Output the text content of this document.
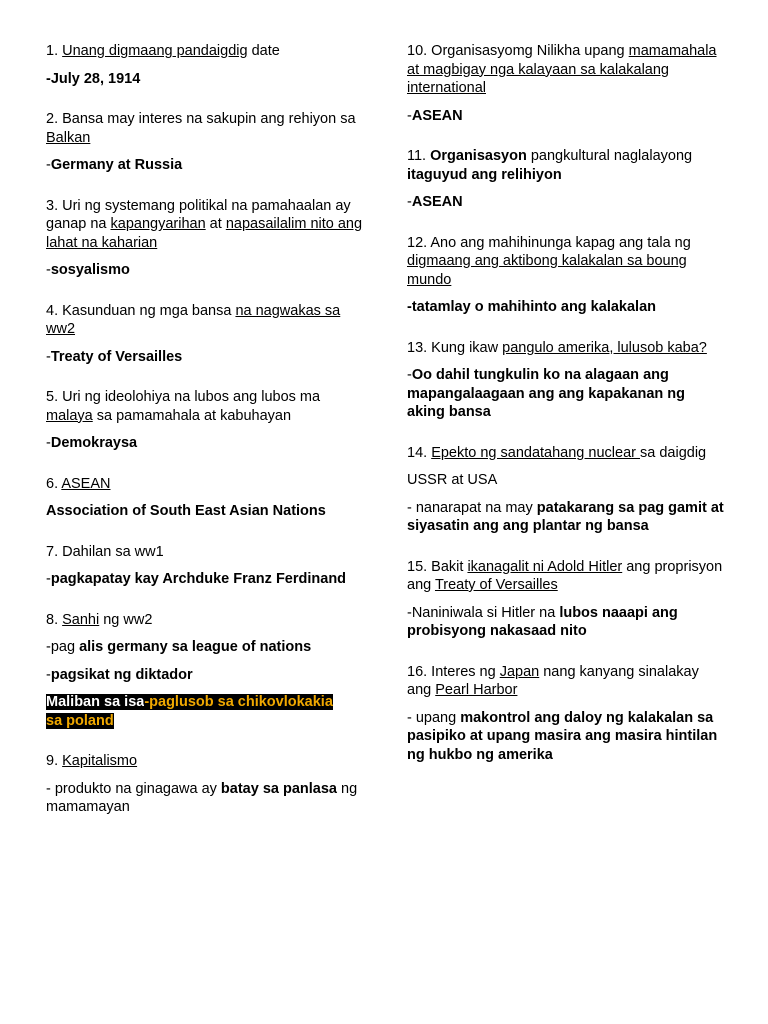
1. Unang digmaang pandaigdig date

-July 28, 1914

2. Bansa may interes na sakupin ang rehiyon sa Balkan

-Germany at Russia

3. Uri ng systemang politikal na pamahaalan ay ganap na kapangyarihan at napasailalim nito ang lahat na kaharian

-sosyalismo

4. Kasunduan ng mga bansa na nagwakas sa ww2

-Treaty of Versailles

5. Uri ng ideolohiya na lubos ang lubos ma malaya sa pamamahala at kabuhayan

-Demokraysa

6. ASEAN

Association of South East Asian Nations

7. Dahilan sa ww1

-pagkapatay kay Archduke Franz Ferdinand

8. Sanhi ng ww2

-pag alis germany sa league of nations

-pagsikat ng diktador

Maliban sa isa-paglusob sa chikovlokakia
sa poland

9. Kapitalismo

- produkto na ginagawa ay batay sa panlasa ng mamamayan

10. Organisasyomg Nilikha upang mamamahala at magbigay nga kalayaan sa kalakalang international

-ASEAN

11. Organisasyon pangkultural naglalayong itaguyud ang relihiyon

-ASEAN

12. Ano ang mahihinunga kapag ang tala ng digmaang ang aktibong kalakalan sa boung mundo

-tatamlay o mahihinto ang kalakalan

13. Kung ikaw pangulo amerika, lulusob kaba?

-Oo dahil tungkulin ko na alagaan ang mapangalaagaan ang ang kapakanan ng aking bansa

14. Epekto ng sandatahang nuclear sa daigdig

USSR at USA

- nanarapat na may patakarang sa pag gamit at siyasatin ang ang plantar ng bansa

15. Bakit ikanagalit ni Adold Hitler ang proprisyon ang Treaty of Versailles

-Naniniwala si Hitler na lubos naaapi ang probisyong nakasaad nito

16. Interes ng Japan nang kanyang sinalakay ang Pearl Harbor

- upang makontrol ang daloy ng kalakalan sa pasipiko at upang masira ang masira hintilan ng hukbo ng amerika
